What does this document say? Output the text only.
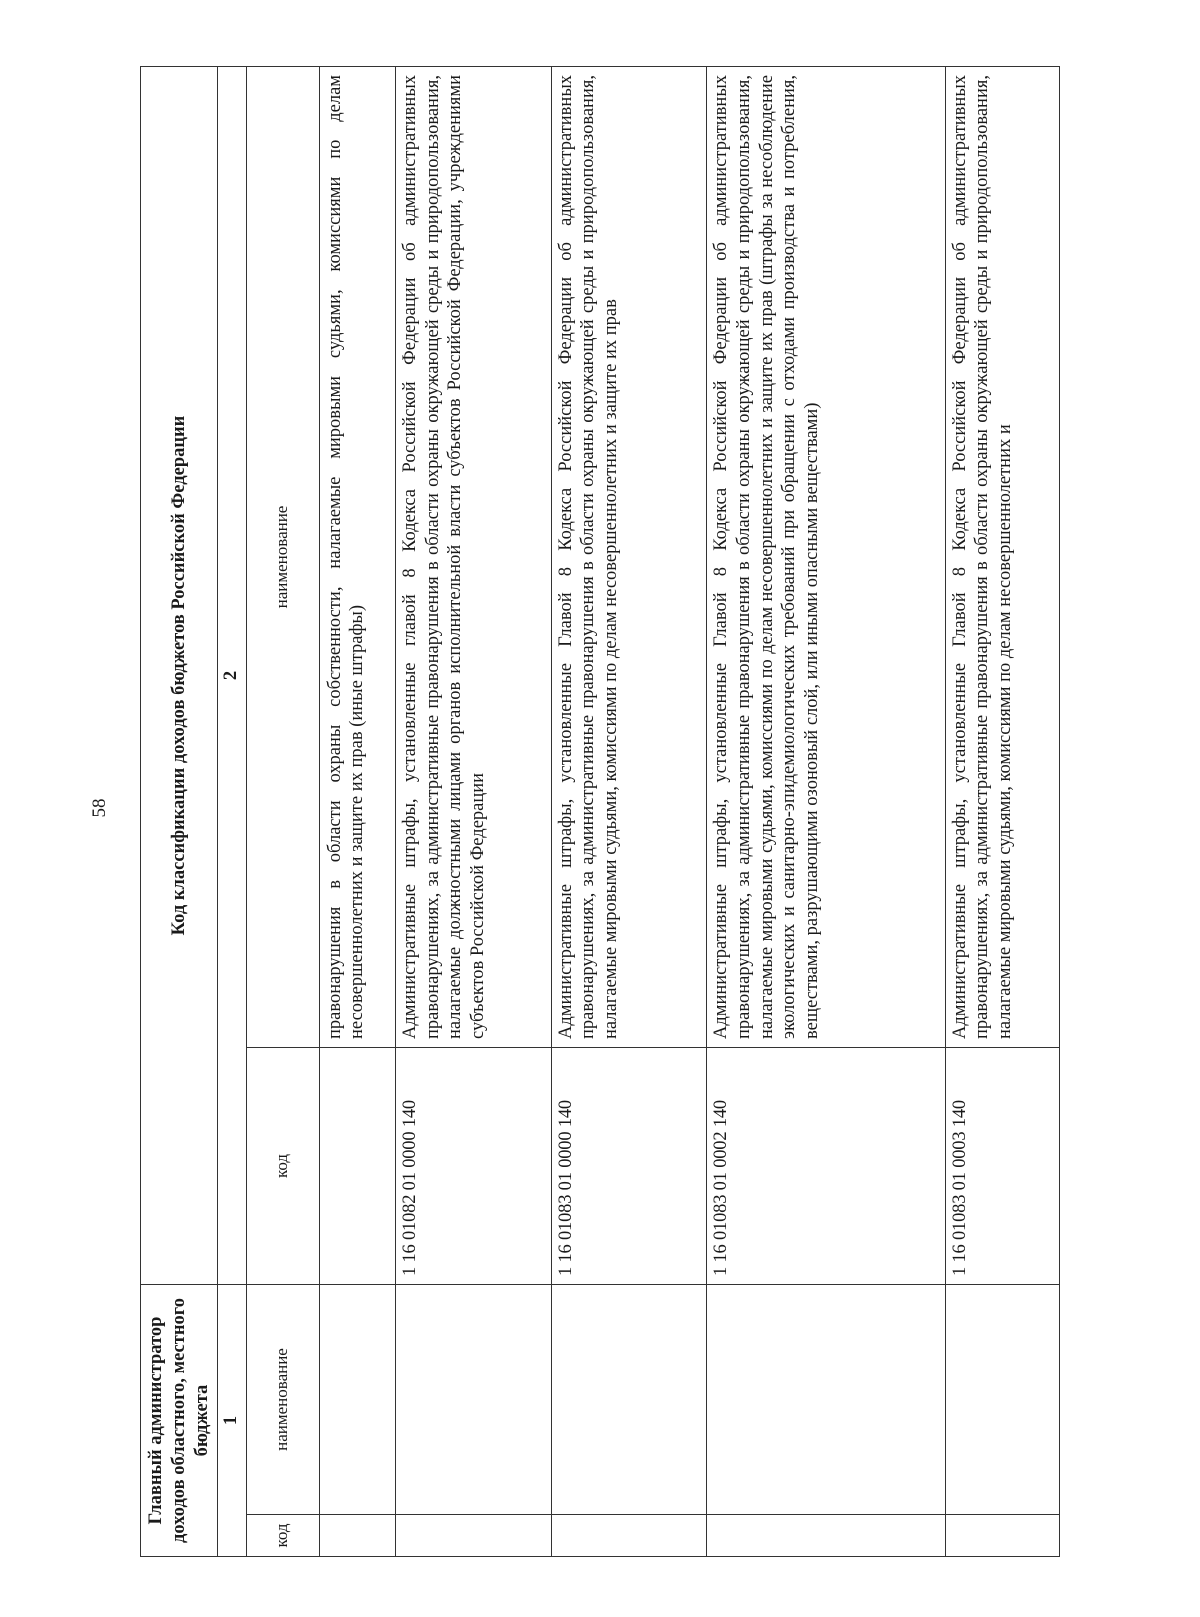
58
Главный администратор доходов областного, местного бюджета		Код классификации доходов бюджетов Российской Федерации	
1		2	
код	наименование	код	наименование
			правонарушения в области охраны собственности, налагаемые мировыми судьями, комиссиями по делам несовершеннолетних и защите их прав (иные штрафы)
		1 16 01082 01 0000 140	Административные штрафы, установленные главой 8 Кодекса Российской Федерации об административных правонарушениях, за административные правонарушения в области охраны окружающей среды и природопользования, налагаемые должностными лицами органов исполнительной власти субъектов Российской Федерации, учреждениями субъектов Российской Федерации
		1 16 01083 01 0000 140	Административные штрафы, установленные Главой 8 Кодекса Российской Федерации об административных правонарушениях, за административные правонарушения в области охраны окружающей среды и природопользования, налагаемые мировыми судьями, комиссиями по делам несовершеннолетних и защите их прав
		1 16 01083 01 0002 140	Административные штрафы, установленные Главой 8 Кодекса Российской Федерации об административных правонарушениях, за административные правонарушения в области охраны окружающей среды и природопользования, налагаемые мировыми судьями, комиссиями по делам несовершеннолетних и защите их прав (штрафы за несоблюдение экологических и санитарно-эпидемиологических требований при обращении с отходами производства и потребления, веществами, разрушающими озоновый слой, или иными опасными веществами)
		1 16 01083 01 0003 140	Административные штрафы, установленные Главой 8 Кодекса Российской Федерации об административных правонарушениях, за административные правонарушения в области охраны окружающей среды и природопользования, налагаемые мировыми судьями, комиссиями по делам несовершеннолетних и
